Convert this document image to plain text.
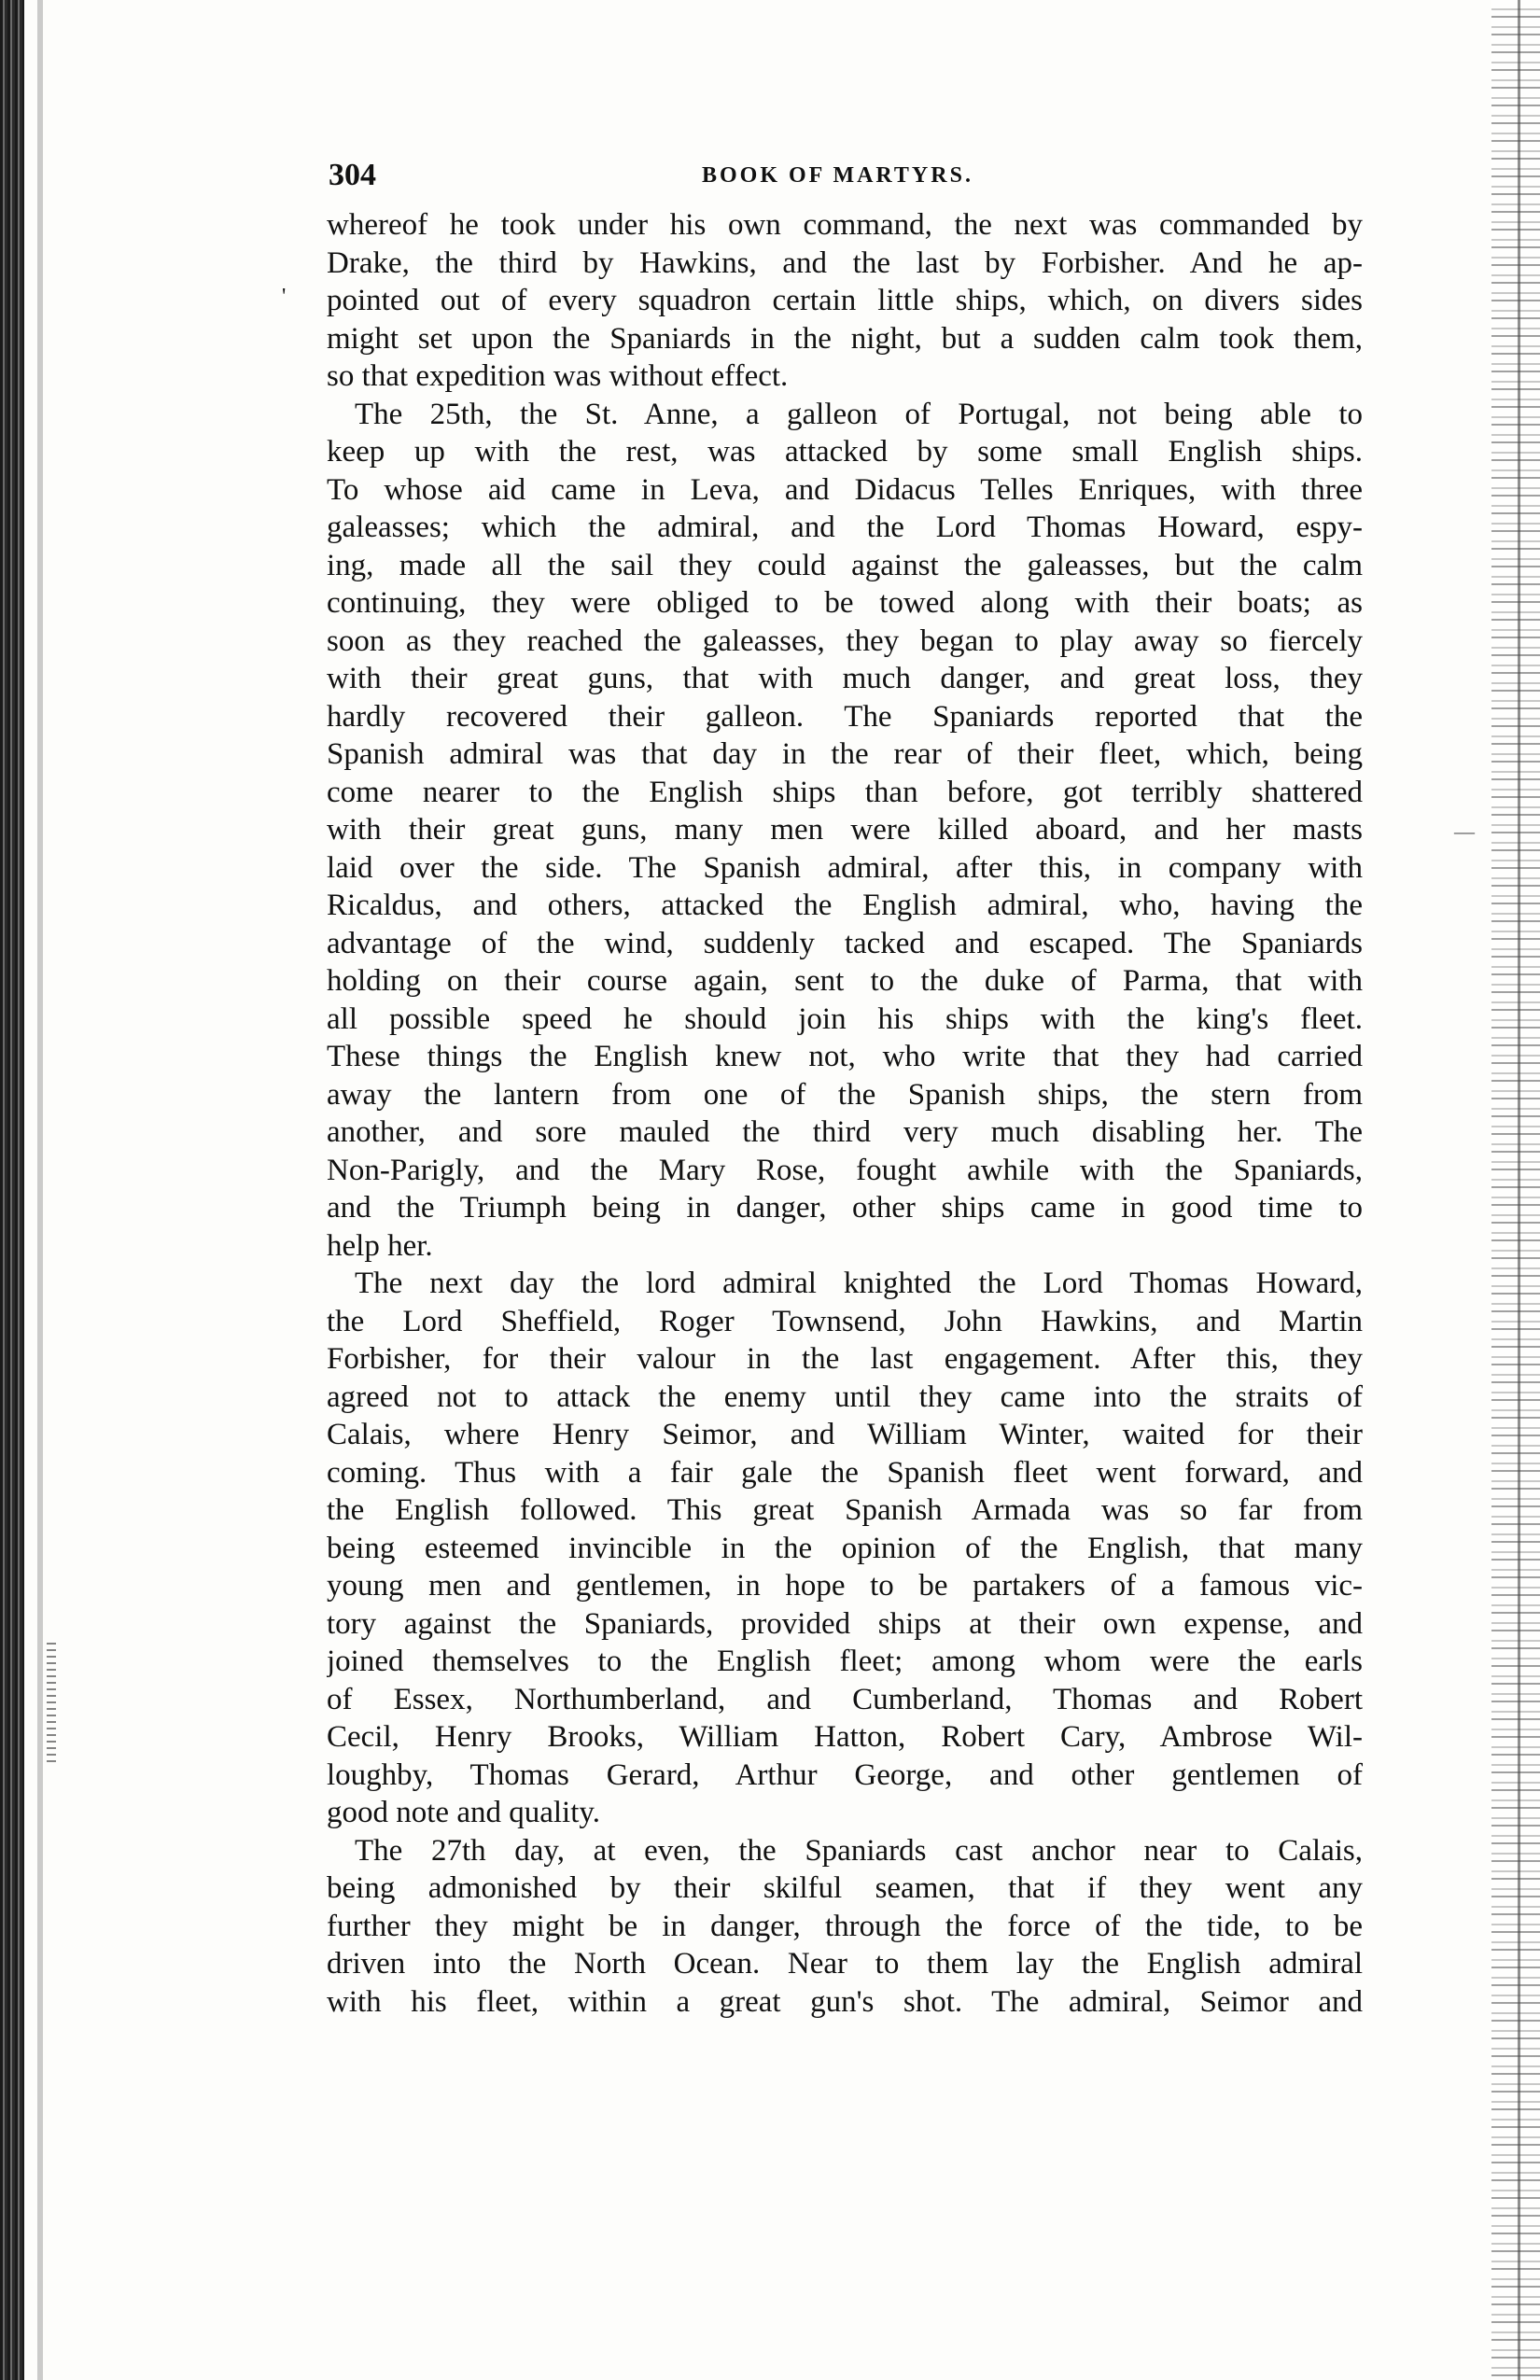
304	BOOK OF MARTYRS.
'
—
whereof he took under his own command, the next was commanded by
Drake, the third by Hawkins, and the last by Forbisher. And he ap-
pointed out of every squadron certain little ships, which, on divers sides
might set upon the Spaniards in the night, but a sudden calm took them,
so that expedition was without effect.
The 25th, the St. Anne, a galleon of Portugal, not being able to
keep up with the rest, was attacked by some small English ships.
To whose aid came in Leva, and Didacus Telles Enriques, with three
galeasses; which the admiral, and the Lord Thomas Howard, espy-
ing, made all the sail they could against the galeasses, but the calm
continuing, they were obliged to be towed along with their boats; as
soon as they reached the galeasses, they began to play away so fiercely
with their great guns, that with much danger, and great loss, they
hardly recovered their galleon. The Spaniards reported that the
Spanish admiral was that day in the rear of their fleet, which, being
come nearer to the English ships than before, got terribly shattered
with their great guns, many men were killed aboard, and her masts
laid over the side. The Spanish admiral, after this, in company with
Ricaldus, and others, attacked the English admiral, who, having the
advantage of the wind, suddenly tacked and escaped. The Spaniards
holding on their course again, sent to the duke of Parma, that with
all possible speed he should join his ships with the king's fleet.
These things the English knew not, who write that they had carried
away the lantern from one of the Spanish ships, the stern from
another, and sore mauled the third very much disabling her. The
Non-Parigly, and the Mary Rose, fought awhile with the Spaniards,
and the Triumph being in danger, other ships came in good time to
help her.
The next day the lord admiral knighted the Lord Thomas Howard,
the Lord Sheffield, Roger Townsend, John Hawkins, and Martin
Forbisher, for their valour in the last engagement. After this, they
agreed not to attack the enemy until they came into the straits of
Calais, where Henry Seimor, and William Winter, waited for their
coming. Thus with a fair gale the Spanish fleet went forward, and
the English followed. This great Spanish Armada was so far from
being esteemed invincible in the opinion of the English, that many
young men and gentlemen, in hope to be partakers of a famous vic-
tory against the Spaniards, provided ships at their own expense, and
joined themselves to the English fleet; among whom were the earls
of Essex, Northumberland, and Cumberland, Thomas and Robert
Cecil, Henry Brooks, William Hatton, Robert Cary, Ambrose Wil-
loughby, Thomas Gerard, Arthur George, and other gentlemen of
good note and quality.
The 27th day, at even, the Spaniards cast anchor near to Calais,
being admonished by their skilful seamen, that if they went any
further they might be in danger, through the force of the tide, to be
driven into the North Ocean. Near to them lay the English admiral
with his fleet, within a great gun's shot. The admiral, Seimor and
